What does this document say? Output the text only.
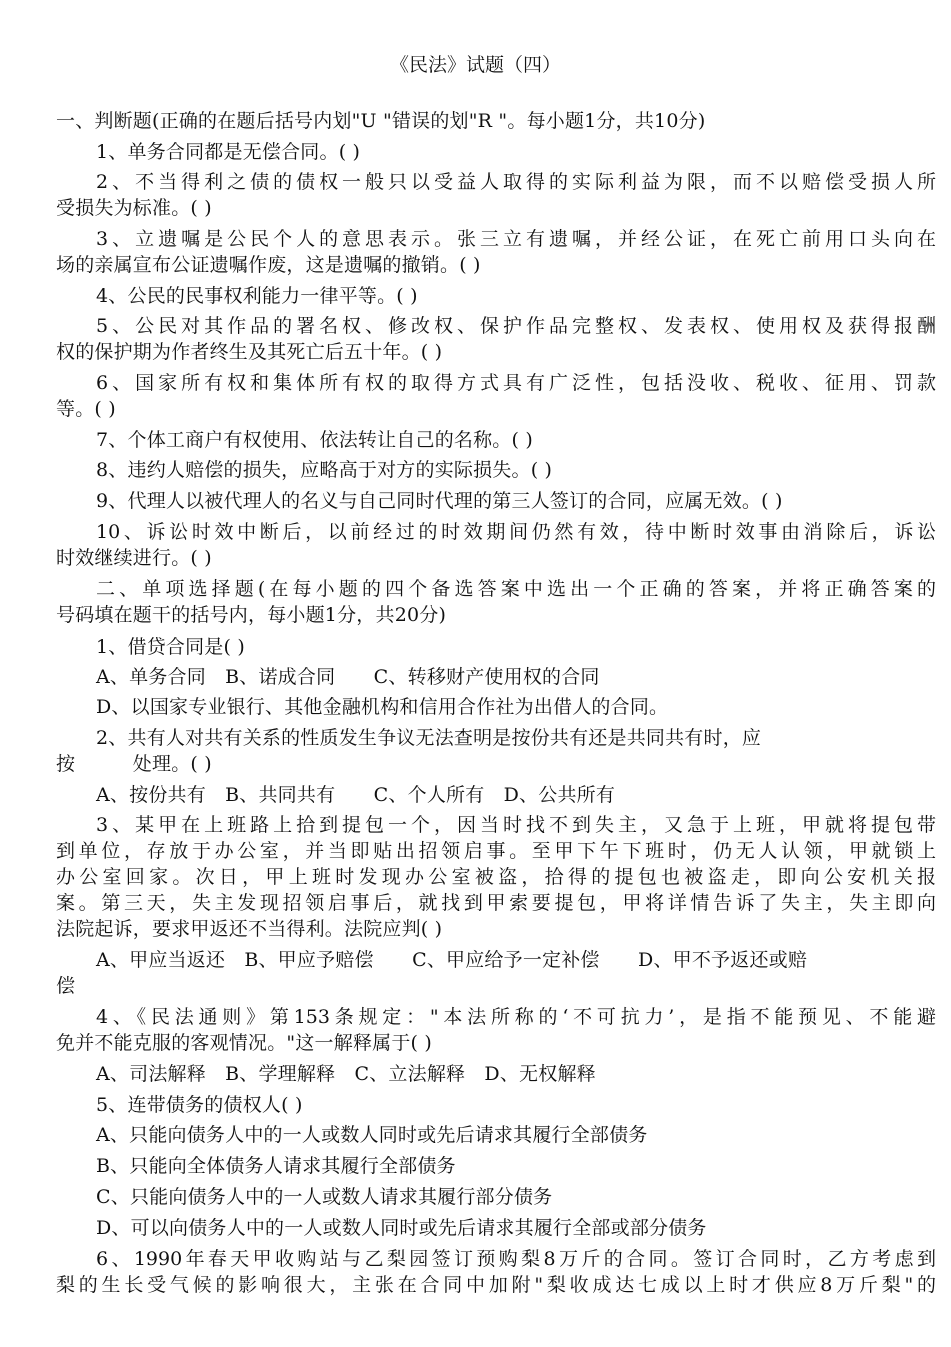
《民法》试题（四）
一、判断题(正确的在题后括号内划"U "错误的划"R "。每小题1分，共10分)
1、单务合同都是无偿合同。( )
2、不当得利之债的债权一般只以受益人取得的实际利益为限，而不以赔偿受损人所
受损失为标准。( )
3、立遗嘱是公民个人的意思表示。张三立有遗嘱，并经公证，在死亡前用口头向在
场的亲属宣布公证遗嘱作废，这是遗嘱的撤销。( )
4、公民的民事权利能力一律平等。( )
5、公民对其作品的署名权、修改权、保护作品完整权、发表权、使用权及获得报酬
权的保护期为作者终生及其死亡后五十年。( )
6、国家所有权和集体所有权的取得方式具有广泛性，包括没收、税收、征用、罚款
等。( )
7、个体工商户有权使用、依法转让自己的名称。( )
8、违约人赔偿的损失，应略高于对方的实际损失。( )
9、代理人以被代理人的名义与自己同时代理的第三人签订的合同，应属无效。( )
10、诉讼时效中断后，以前经过的时效期间仍然有效，待中断时效事由消除后，诉讼
时效继续进行。( )
二、单项选择题(在每小题的四个备选答案中选出一个正确的答案，并将正确答案的
号码填在题干的括号内，每小题1分，共20分)
1、借贷合同是( )
A、单务合同　B、诺成合同　　C、转移财产使用权的合同
D、以国家专业银行、其他金融机构和信用合作社为出借人的合同。
2、共有人对共有关系的性质发生争议无法查明是按份共有还是共同共有时，应
按　　　处理。( )
A、按份共有　B、共同共有　　C、个人所有　D、公共所有
3、某甲在上班路上拾到提包一个，因当时找不到失主，又急于上班，甲就将提包带
到单位，存放于办公室，并当即贴出招领启事。至甲下午下班时，仍无人认领，甲就锁上
办公室回家。次日，甲上班时发现办公室被盗，拾得的提包也被盗走，即向公安机关报
案。第三天，失主发现招领启事后，就找到甲索要提包，甲将详情告诉了失主，失主即向
法院起诉，要求甲返还不当得利。法院应判( )
A、甲应当返还　B、甲应予赔偿　　C、甲应给予一定补偿　　D、甲不予返还或赔
偿
4、《民法通则》第153条规定："本法所称的‘不可抗力’，是指不能预见、不能避
免并不能克服的客观情况。"这一解释属于( )
A、司法解释　B、学理解释　C、立法解释　D、无权解释
5、连带债务的债权人( )
A、只能向债务人中的一人或数人同时或先后请求其履行全部债务
B、只能向全体债务人请求其履行全部债务
C、只能向债务人中的一人或数人请求其履行部分债务
D、可以向债务人中的一人或数人同时或先后请求其履行全部或部分债务
6、1990年春天甲收购站与乙梨园签订预购梨8万斤的合同。签订合同时，乙方考虑到
梨的生长受气候的影响很大，主张在合同中加附"梨收成达七成以上时才供应8万斤梨"的
